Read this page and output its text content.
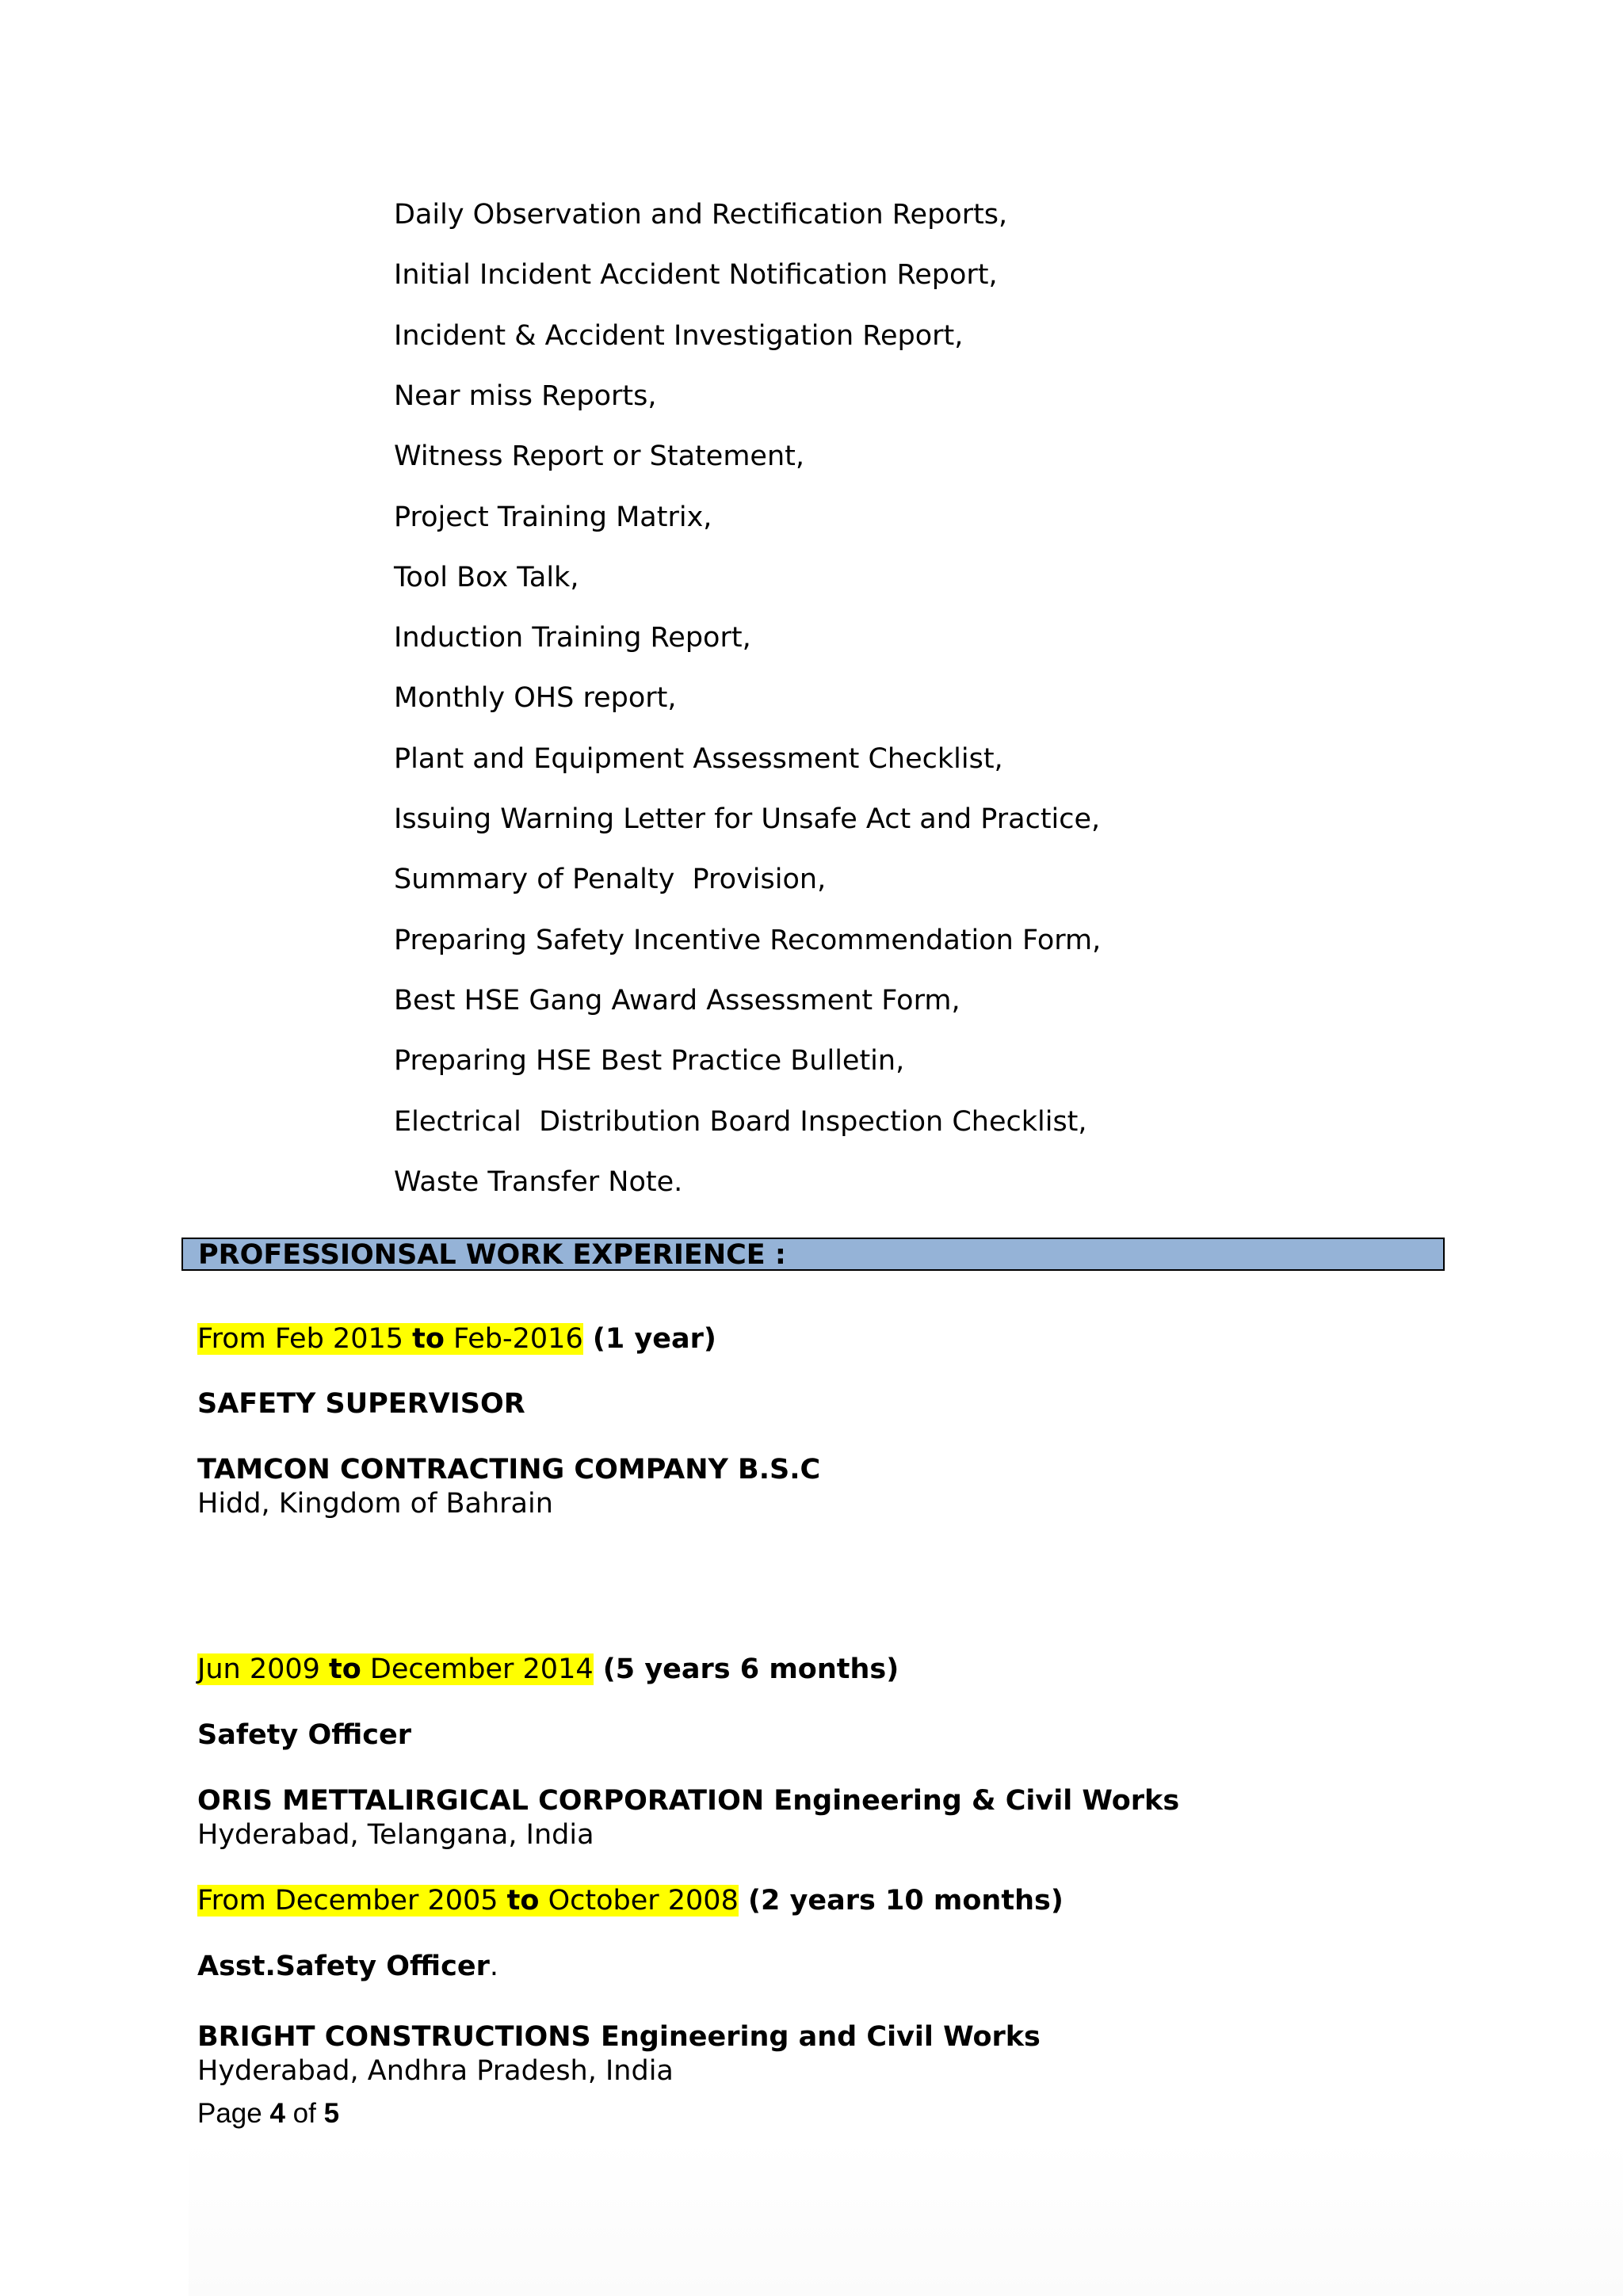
Daily Observation and Rectification Reports,
Initial Incident Accident Notification Report,
Incident & Accident Investigation Report,
Near miss Reports,
Witness Report or Statement,
Project Training Matrix,
Tool Box Talk,
Induction Training Report,
Monthly OHS report,
Plant and Equipment Assessment Checklist,
Issuing Warning Letter for Unsafe Act and Practice,
Summary of Penalty  Provision,
Preparing Safety Incentive Recommendation Form,
Best HSE Gang Award Assessment Form,
Preparing HSE Best Practice Bulletin,
Electrical  Distribution Board Inspection Checklist,
Waste Transfer Note.
PROFESSIONSAL WORK EXPERIENCE :
From Feb 2015 to Feb-2016 (1 year)
SAFETY SUPERVISOR
TAMCON CONTRACTING COMPANY B.S.C
Hidd, Kingdom of Bahrain
Jun 2009 to December 2014 (5 years 6 months)
Safety Officer
ORIS METTALIRGICAL CORPORATION Engineering & Civil Works
Hyderabad, Telangana, India
From December 2005 to October 2008 (2 years 10 months)
Asst.Safety Officer.
BRIGHT CONSTRUCTIONS Engineering and Civil Works
Hyderabad, Andhra Pradesh, India
Page 4 of 5
